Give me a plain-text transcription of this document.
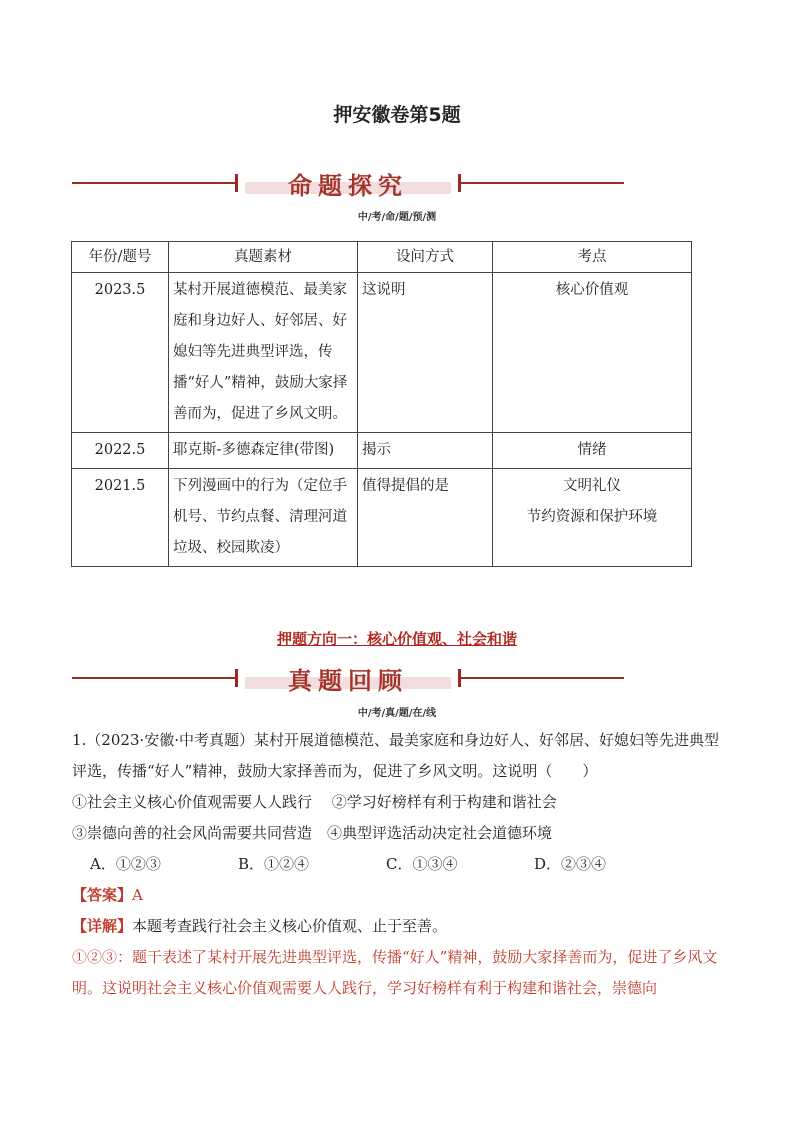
押安徽卷第5题
命题探究
中/考/命/题/预/测
年份/题号	真题素材	设问方式	考点
2023.5	某村开展道德模范、最美家庭和身边好人、好邻居、好媳妇等先进典型评选，传播“好人”精神，鼓励大家择善而为，促进了乡风文明。	这说明	核心价值观

2022.5	耶克斯-多德森定律(带图)	揭示	情绪

2021.5	下列漫画中的行为（定位手机号、节约点餐、清理河道垃圾、校园欺凌）	值得提倡的是	文明礼仪
节约资源和保护环境
押题方向一：核心价值观、社会和谐
真题回顾
中/考/真/题/在/线
1.（2023·安徽·中考真题）某村开展道德模范、最美家庭和身边好人、好邻居、好媳妇等先进典型评选，传播“好人”精神，鼓励大家择善而为，促进了乡风文明。这说明（　　）
①社会主义核心价值观需要人人践行　 ②学习好榜样有利于构建和谐社会
③崇德向善的社会风尚需要共同营造　 ④典型评选活动决定社会道德环境
A．①②③	B．①②④	C．①③④	D．②③④
【答案】A
【详解】本题考查践行社会主义核心价值观、止于至善。
①②③：题干表述了某村开展先进典型评选，传播“好人”精神，鼓励大家择善而为，促进了乡风文明。这说明社会主义核心价值观需要人人践行，学习好榜样有利于构建和谐社会，崇德向
